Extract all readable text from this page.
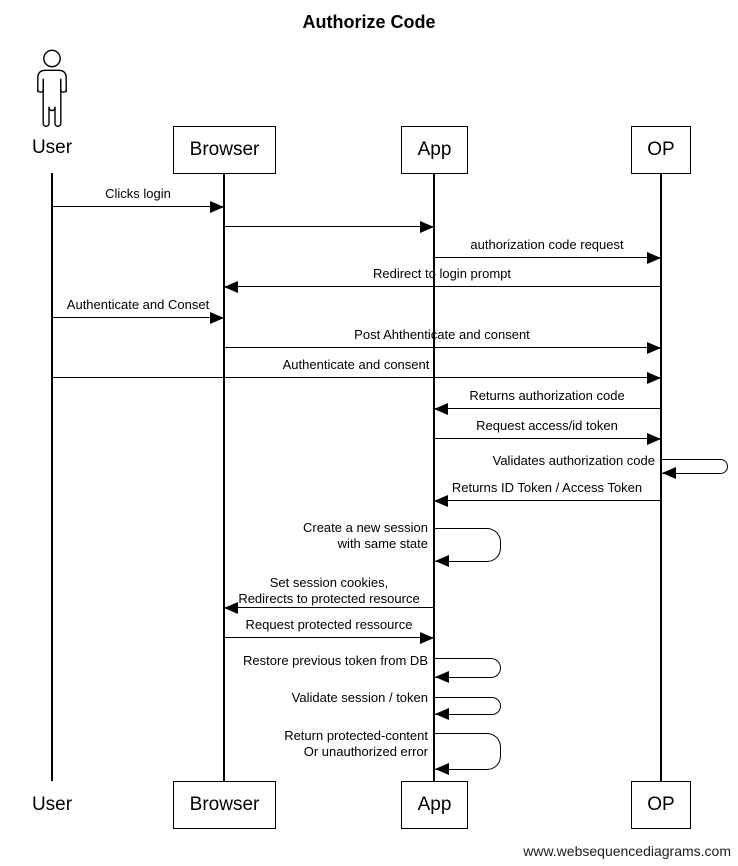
Authorize Code
User	Browser	App	OP
Clicks login
authorization code request
Redirect to login prompt
Authenticate and Conset
Post Ahthenticate and consent
Authenticate and consent
Returns authorization code
Request access/id token
Validates authorization code
Returns ID Token / Access Token
Create a new session
with same state
Set session cookies,
Redirects to protected resource
Request protected ressource
Restore previous token from DB
Validate session / token
Return protected-content
Or unauthorized error
User	Browser	App	OP
www.websequencediagrams.com
